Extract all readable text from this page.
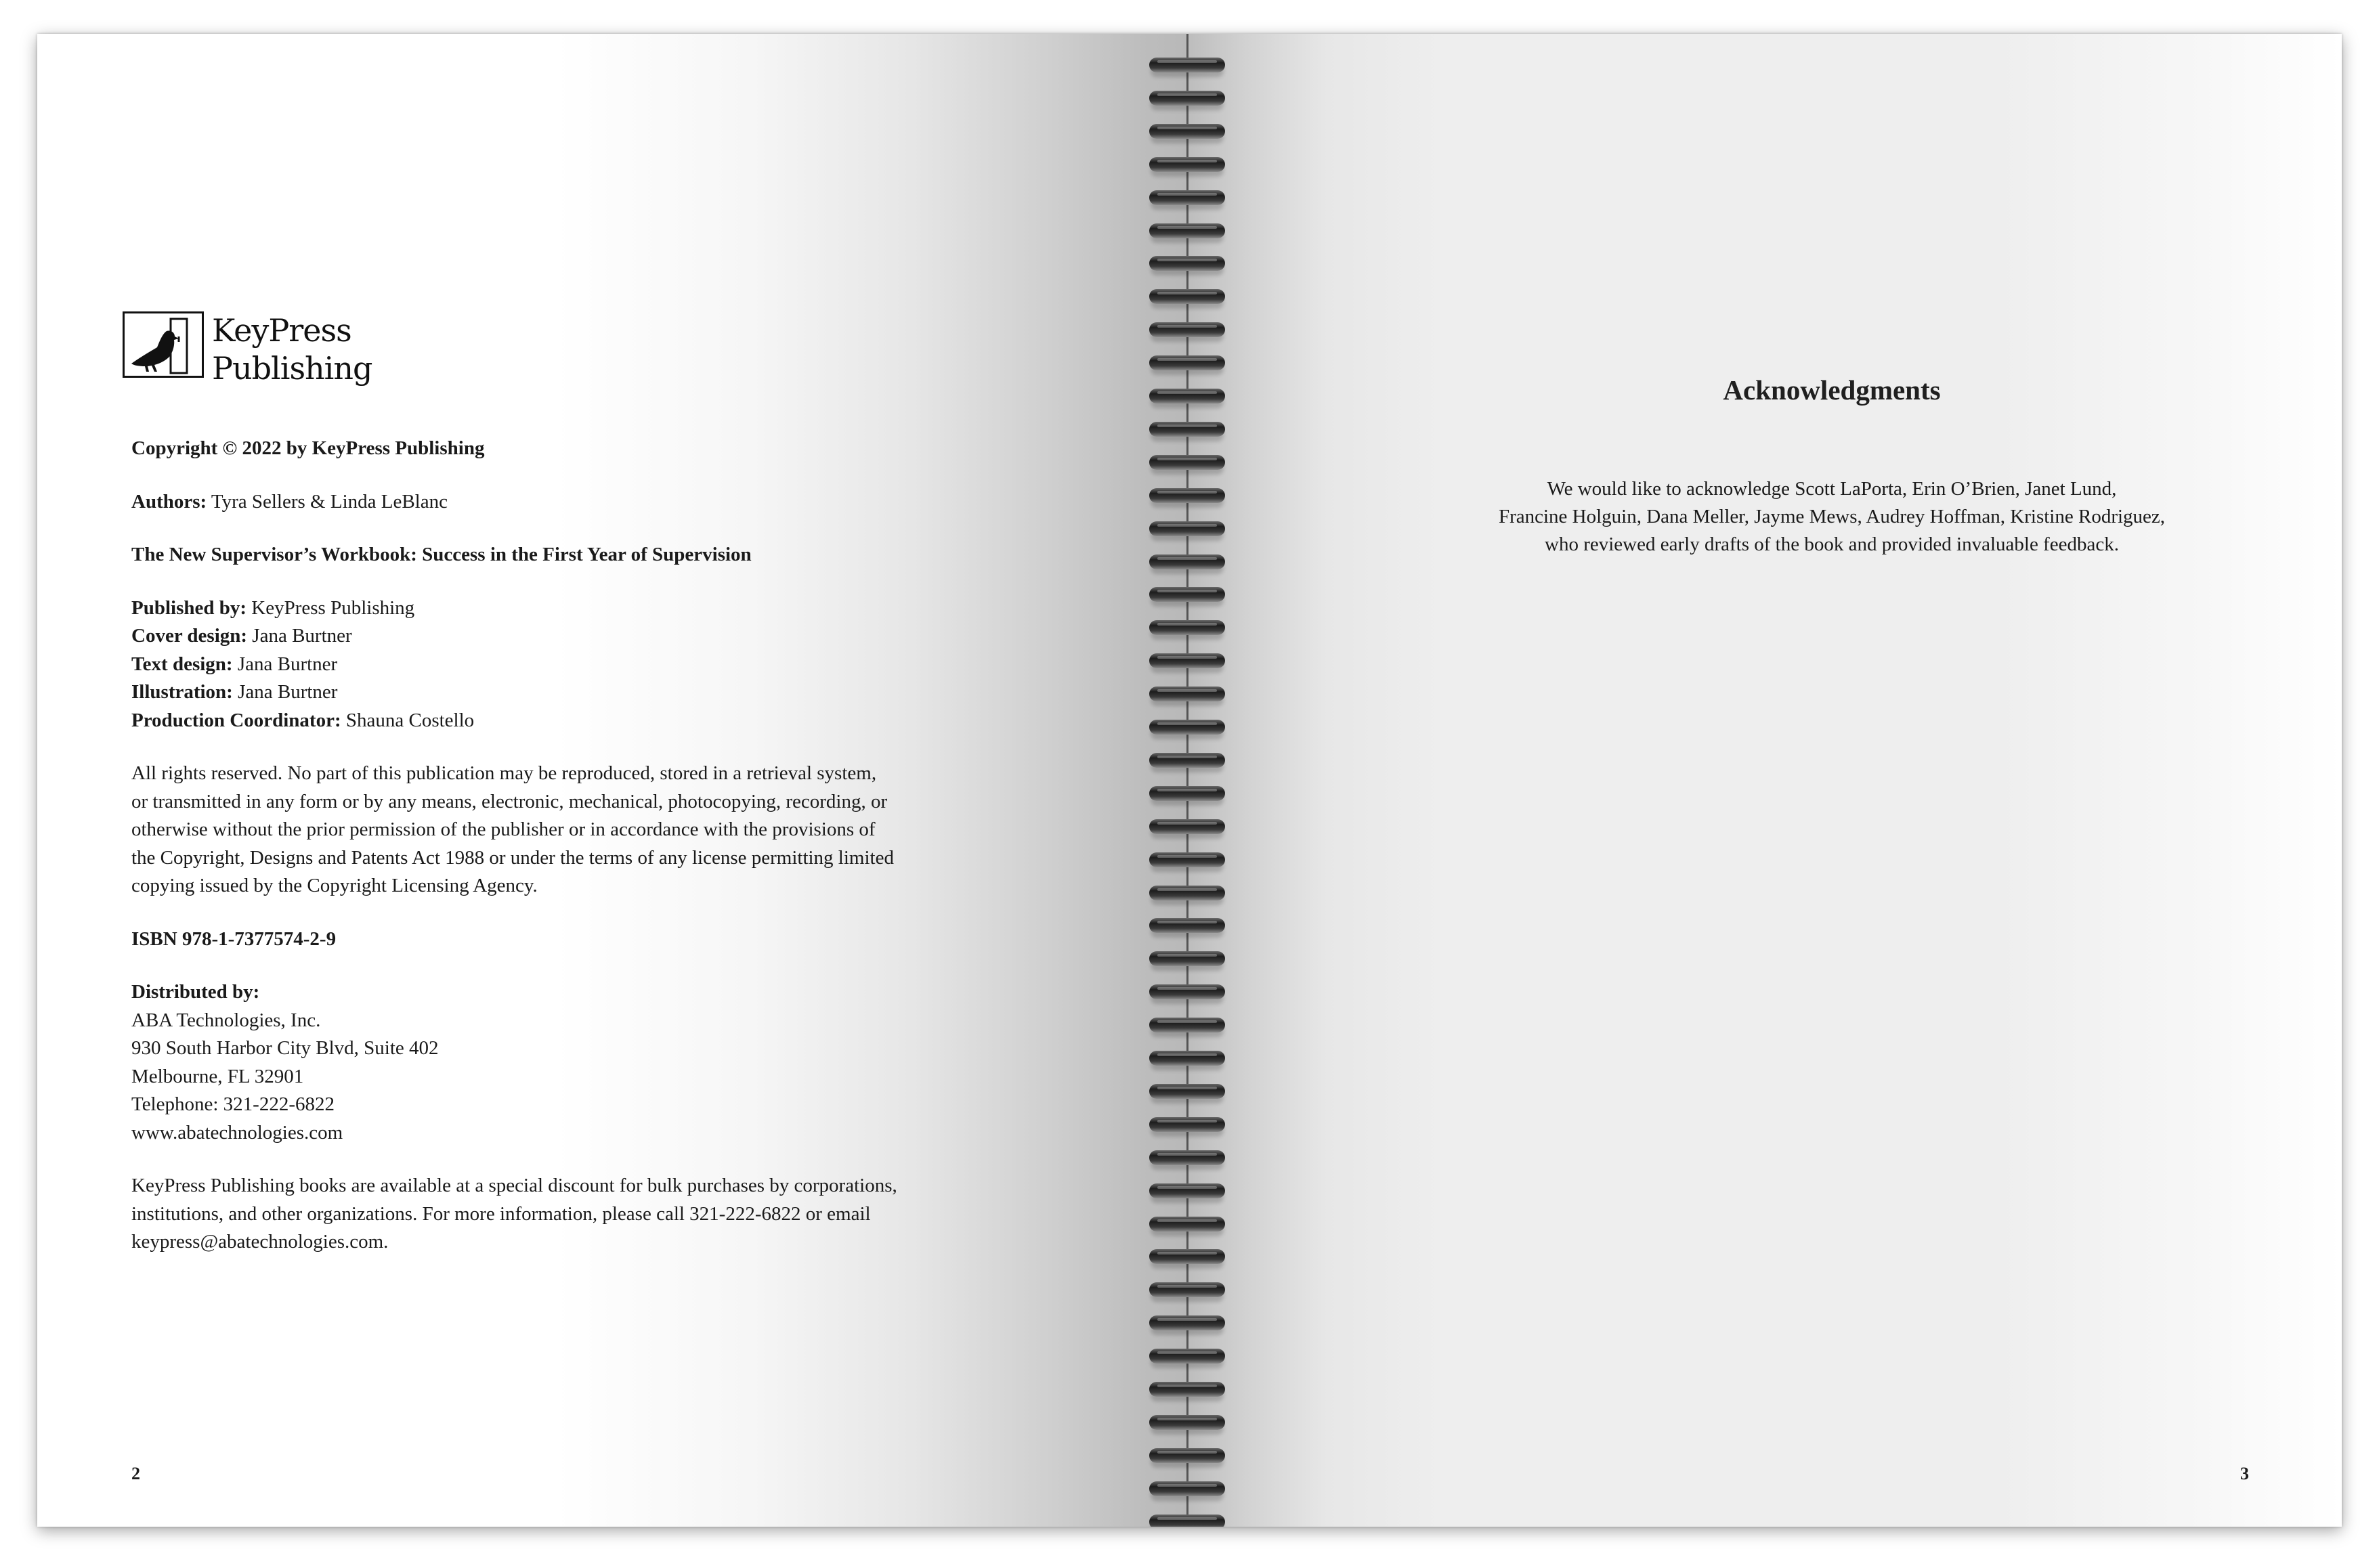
KeyPress
Publishing

Copyright © 2022 by KeyPress Publishing

Authors: Tyra Sellers & Linda LeBlanc

The New Supervisor’s Workbook: Success in the First Year of Supervision

Published by: KeyPress Publishing

Cover design: Jana Burtner

Text design: Jana Burtner

Illustration: Jana Burtner

Production Coordinator: Shauna Costello

All rights reserved. No part of this publication may be reproduced, stored in a retrieval system,

or transmitted in any form or by any means, electronic, mechanical, photocopying, recording, or

otherwise without the prior permission of the publisher or in accordance with the provisions of

the Copyright, Designs and Patents Act 1988 or under the terms of any license permitting limited

copying issued by the Copyright Licensing Agency.

ISBN 978-1-7377574-2-9

Distributed by:

ABA Technologies, Inc.

930 South Harbor City Blvd, Suite 402

Melbourne, FL 32901

Telephone: 321-222-6822

www.abatechnologies.com

KeyPress Publishing books are available at a special discount for bulk purchases by corporations,

institutions, and other organizations. For more information, please call 321-222-6822 or email

keypress@abatechnologies.com.

2
Acknowledgments

We would like to acknowledge Scott LaPorta, Erin O’Brien, Janet Lund,

Francine Holguin, Dana Meller, Jayme Mews, Audrey Hoffman, Kristine Rodriguez,

who reviewed early drafts of the book and provided invaluable feedback.

3
